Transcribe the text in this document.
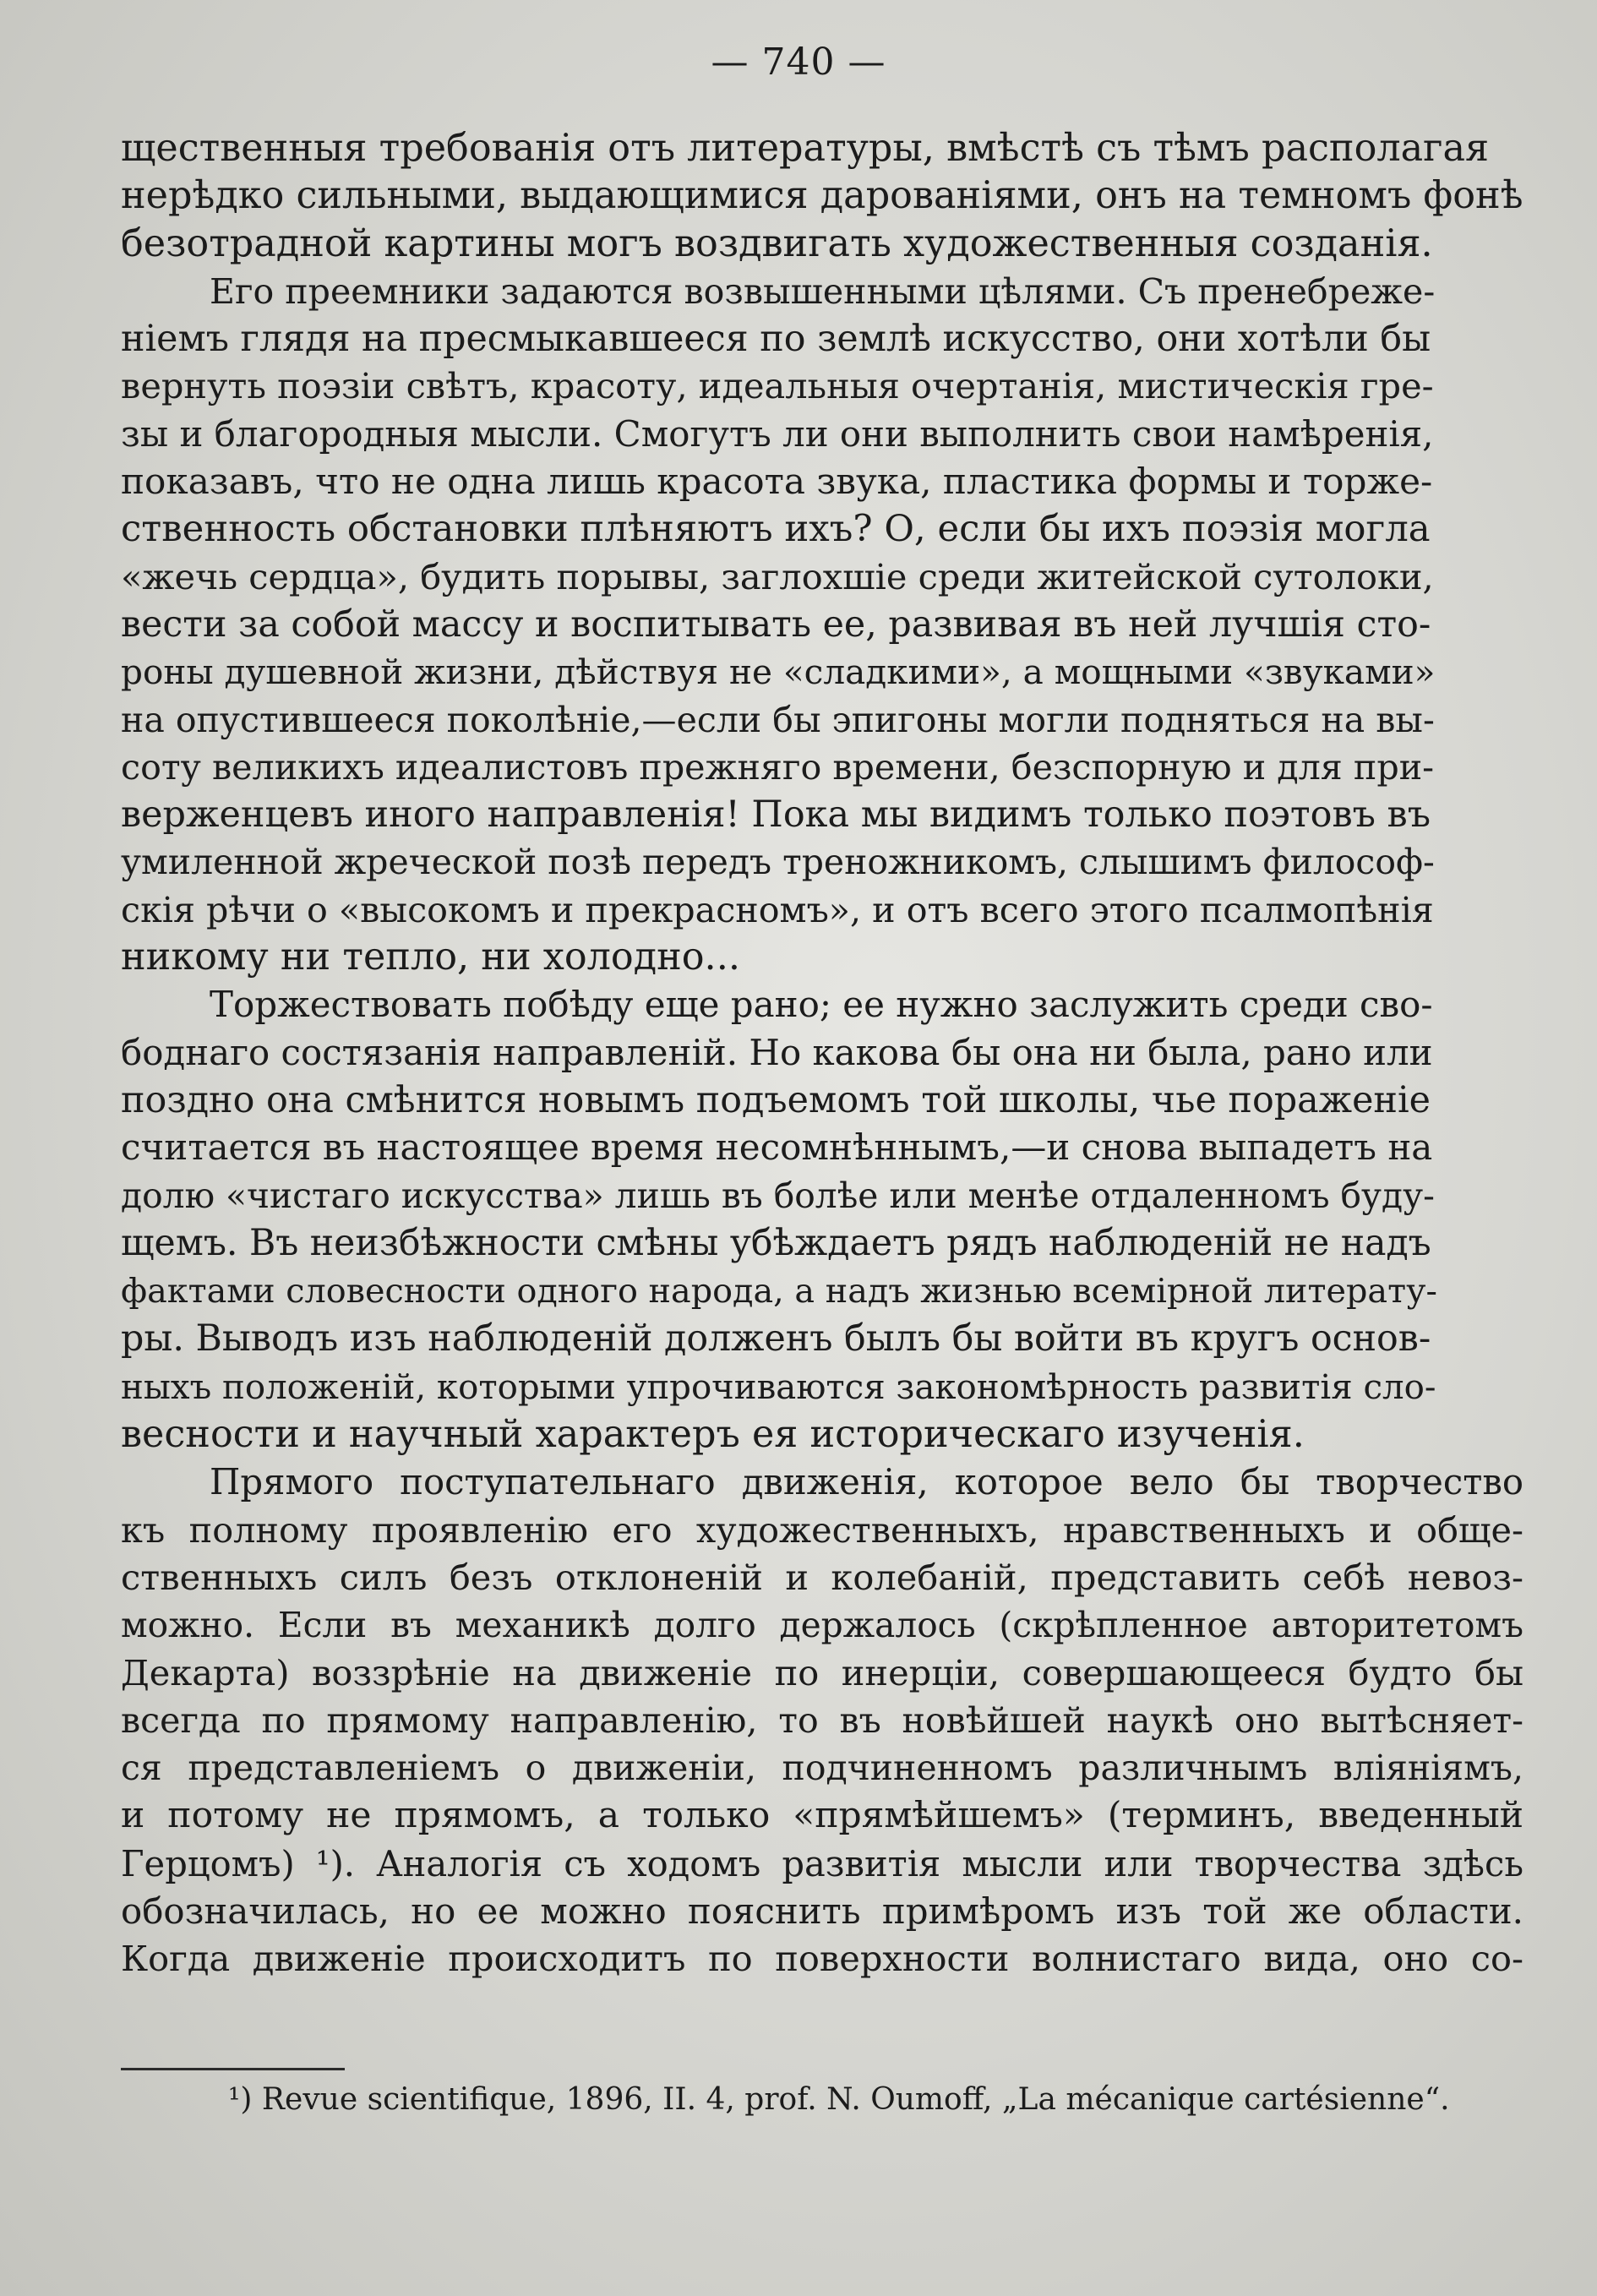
— 740 —

щественныя требованія отъ литературы, вмѣстѣ съ тѣмъ располагая
нерѣдко сильными, выдающимися дарованіями, онъ на темномъ фонѣ
безотрадной картины могъ воздвигать художественныя созданія.

Его преемники задаются возвышенными цѣлями. Съ пренебреже-
ніемъ глядя на пресмыкавшееся по землѣ искусство, они хотѣли бы
вернуть поэзіи свѣтъ, красоту, идеальныя очертанія, мистическія гре-
зы и благородныя мысли. Смогутъ ли они выполнить свои намѣренія,
показавъ, что не одна лишь красота звука, пластика формы и торже-
ственность обстановки плѣняютъ ихъ? О, если бы ихъ поэзія могла
«жечь сердца», будить порывы, заглохшіе среди житейской сутолоки,
вести за собой массу и воспитывать ее, развивая въ ней лучшія сто-
роны душевной жизни, дѣйствуя не «сладкими», а мощными «звуками»
на опустившееся поколѣніе,—если бы эпигоны могли подняться на вы-
соту великихъ идеалистовъ прежняго времени, безспорную и для при-
верженцевъ иного направленія! Пока мы видимъ только поэтовъ въ
умиленной жреческой позѣ передъ треножникомъ, слышимъ философ-
скія рѣчи о «высокомъ и прекрасномъ», и отъ всего этого псалмопѣнія
никому ни тепло, ни холодно...

Торжествовать побѣду еще рано; ее нужно заслужить среди сво-
боднаго состязанія направленій. Но какова бы она ни была, рано или
поздно она смѣнится новымъ подъемомъ той школы, чье пораженіе
считается въ настоящее время несомнѣннымъ,—и снова выпадетъ на
долю «чистаго искусства» лишь въ болѣе или менѣе отдаленномъ буду-
щемъ. Въ неизбѣжности смѣны убѣждаетъ рядъ наблюденій не надъ
фактами словесности одного народа, а надъ жизнью всемірной литерату-
ры. Выводъ изъ наблюденій долженъ былъ бы войти въ кругъ основ-
ныхъ положеній, которыми упрочиваются закономѣрность развитія сло-
весности и научный характеръ ея историческаго изученія.

Прямого поступательнаго движенія, которое вело бы творчество
къ полному проявленію его художественныхъ, нравственныхъ и обще-
ственныхъ силъ безъ отклоненій и колебаній, представить себѣ невоз-
можно. Если въ механикѣ долго держалось (скрѣпленное авторитетомъ
Декарта) воззрѣніе на движеніе по инерціи, совершающееся будто бы
всегда по прямому направленію, то въ новѣйшей наукѣ оно вытѣсняет-
ся представленіемъ о движеніи, подчиненномъ различнымъ вліяніямъ,
и потому не прямомъ, а только «прямѣйшемъ» (терминъ, введенный
Герцомъ) ¹). Аналогія съ ходомъ развитія мысли или творчества здѣсь
обозначилась, но ее можно пояснить примѣромъ изъ той же области.
Когда движеніе происходитъ по поверхности волнистаго вида, оно со-

¹) Revue scientifique, 1896, II. 4, prof. N. Oumoff, „La mécanique cartésienne“.
